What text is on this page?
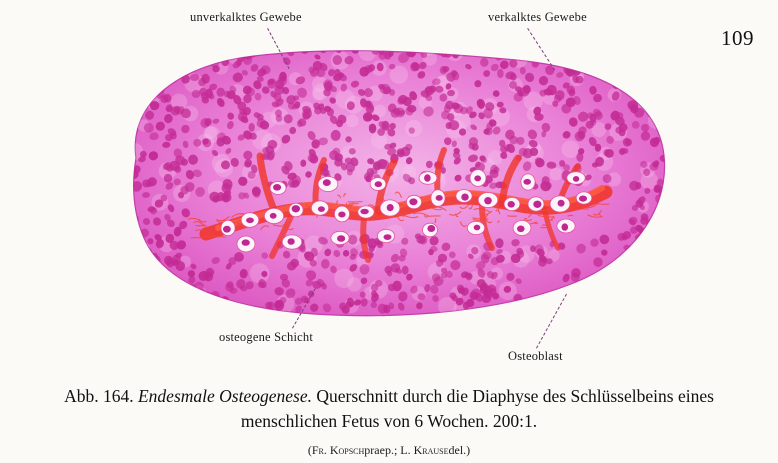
109
unverkalktes Gewebe	verkalktes Gewebe
osteogene Schicht
Osteoblast
Abb. 164. Endesmale Osteogenese. Querschnitt durch die Diaphyse des Schlüsselbeins eines
menschlichen Fetus von 6 Wochen. 200:1.
(Fr. Kopschpraep.; L. Krausedel.)
